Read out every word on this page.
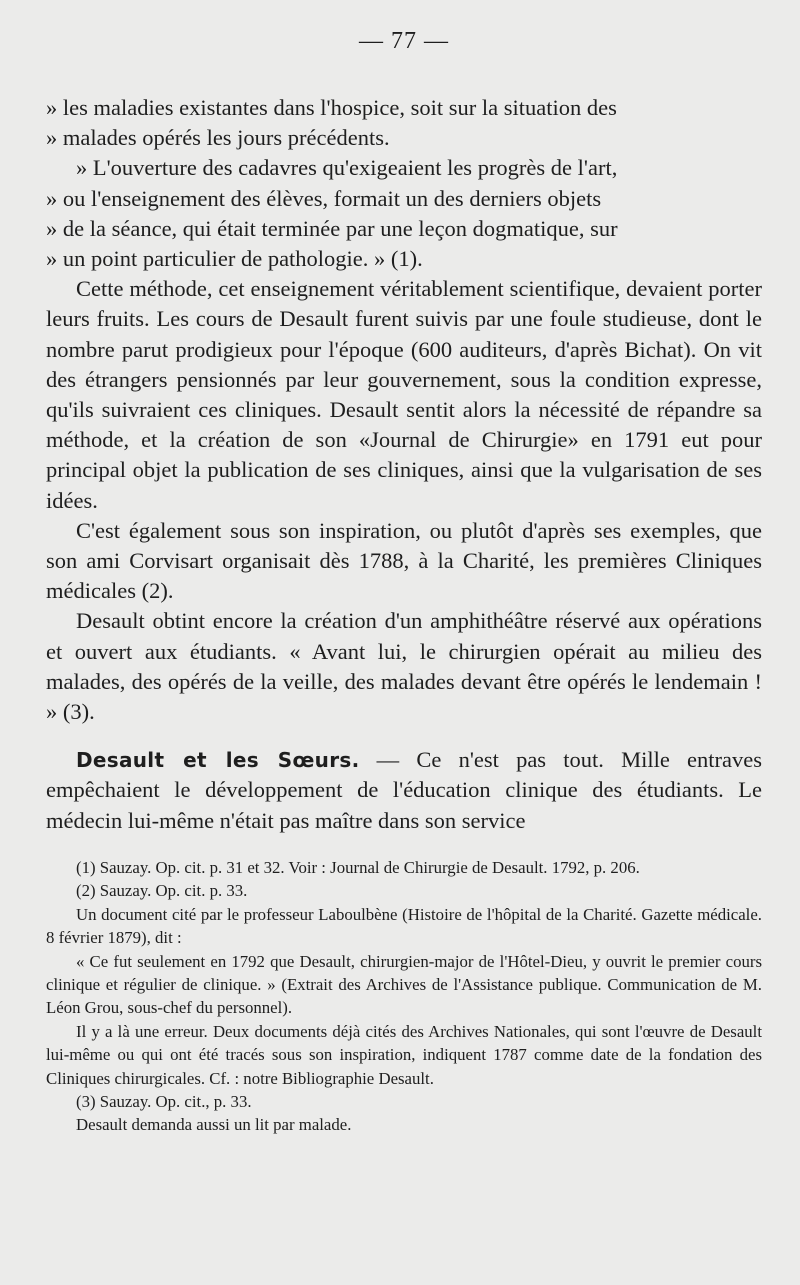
— 77 —

» les maladies existantes dans l'hospice, soit sur la situation des

» malades opérés les jours précédents.

» L'ouverture des cadavres qu'exigeaient les progrès de l'art,

» ou l'enseignement des élèves, formait un des derniers objets

» de la séance, qui était terminée par une leçon dogmatique, sur

» un point particulier de pathologie. » (1).

Cette méthode, cet enseignement véritablement scientifique, devaient porter leurs fruits. Les cours de Desault furent suivis par une foule studieuse, dont le nombre parut prodigieux pour l'époque (600 auditeurs, d'après Bichat). On vit des étrangers pensionnés par leur gouvernement, sous la condition expresse, qu'ils suivraient ces cliniques. Desault sentit alors la nécessité de répandre sa méthode, et la création de son «Journal de Chirurgie» en 1791 eut pour principal objet la publication de ses cliniques, ainsi que la vulgarisation de ses idées.

C'est également sous son inspiration, ou plutôt d'après ses exemples, que son ami Corvisart organisait dès 1788, à la Charité, les premières Cliniques médicales (2).

Desault obtint encore la création d'un amphithéâtre réservé aux opérations et ouvert aux étudiants. « Avant lui, le chirurgien opérait au milieu des malades, des opérés de la veille, des malades devant être opérés le lendemain ! » (3).

Desault et les Sœurs. — Ce n'est pas tout. Mille entraves empêchaient le développement de l'éducation clinique des étudiants. Le médecin lui-même n'était pas maître dans son service

(1) Sauzay. Op. cit. p. 31 et 32. Voir : Journal de Chirurgie de Desault. 1792, p. 206.

(2) Sauzay. Op. cit. p. 33.

Un document cité par le professeur Laboulbène (Histoire de l'hôpital de la Charité. Gazette médicale. 8 février 1879), dit :

« Ce fut seulement en 1792 que Desault, chirurgien-major de l'Hôtel-Dieu, y ouvrit le premier cours clinique et régulier de clinique. » (Extrait des Archives de l'Assistance publique. Communication de M. Léon Grou, sous-chef du personnel).

Il y a là une erreur. Deux documents déjà cités des Archives Nationales, qui sont l'œuvre de Desault lui-même ou qui ont été tracés sous son inspiration, indiquent 1787 comme date de la fondation des Cliniques chirurgicales. Cf. : notre Bibliographie Desault.

(3) Sauzay. Op. cit., p. 33.

Desault demanda aussi un lit par malade.
